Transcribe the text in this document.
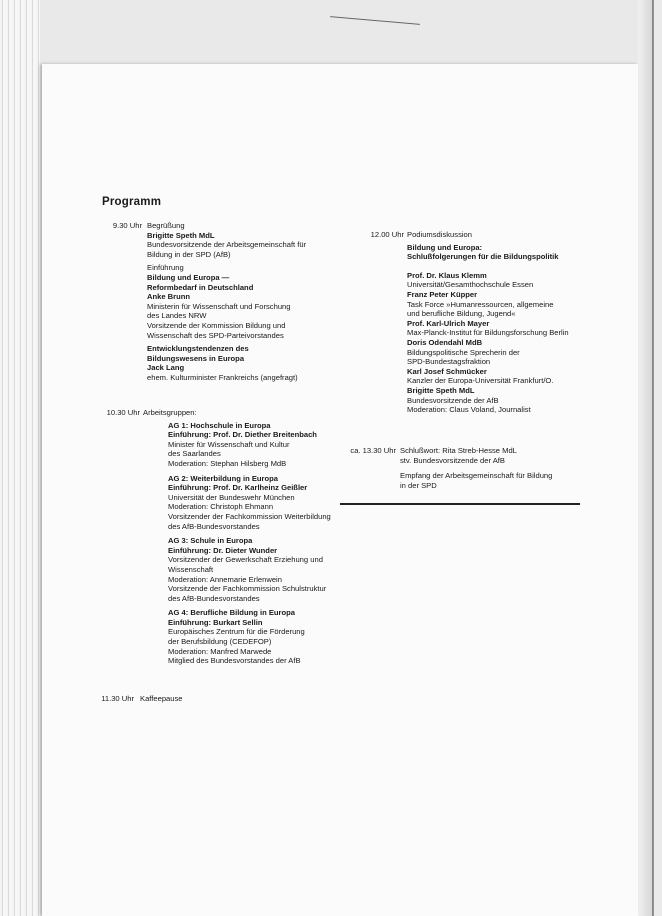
Programm
9.30 Uhr Begrüßung
Brigitte Speth MdL
Bundesvorsitzende der Arbeitsgemeinschaft für
Bildung in der SPD (AfB)
Einführung
Bildung und Europa —
Reformbedarf in Deutschland
Anke Brunn
Ministerin für Wissenschaft und Forschung
des Landes NRW
Vorsitzende der Kommission Bildung und
Wissenschaft des SPD-Parteivorstandes
Entwicklungstendenzen des
Bildungswesens in Europa
Jack Lang
ehem. Kulturminister Frankreichs (angefragt)
10.30 Uhr Arbeitsgruppen:
AG 1: Hochschule in Europa
Einführung: Prof. Dr. Diether Breitenbach
Minister für Wissenschaft und Kultur
des Saarlandes
Moderation: Stephan Hilsberg MdB
AG 2: Weiterbildung in Europa
Einführung: Prof. Dr. Karlheinz Geißler
Universität der Bundeswehr München
Moderation: Christoph Ehmann
Vorsitzender der Fachkommission Weiterbildung
des AfB-Bundesvorstandes
AG 3: Schule in Europa
Einführung: Dr. Dieter Wunder
Vorsitzender der Gewerkschaft Erziehung und
Wissenschaft
Moderation: Annemarie Erlenwein
Vorsitzende der Fachkommission Schulstruktur
des AfB-Bundesvorstandes
AG 4: Berufliche Bildung in Europa
Einführung: Burkart Sellin
Europäisches Zentrum für die Förderung
der Berufsbildung (CEDEFOP)
Moderation: Manfred Marwede
Mitglied des Bundesvorstandes der AfB
11.30 Uhr Kaffeepause
12.00 Uhr Podiumsdiskussion
Bildung und Europa:
Schlußfolgerungen für die Bildungspolitik
Prof. Dr. Klaus Klemm
Universität/Gesamthochschule Essen
Franz Peter Küpper
Task Force »Humanressourcen, allgemeine
und berufliche Bildung, Jugend«
Prof. Karl-Ulrich Mayer
Max-Planck-Institut für Bildungsforschung Berlin
Doris Odendahl MdB
Bildungspolitische Sprecherin der
SPD-Bundestagsfraktion
Karl Josef Schmücker
Kanzler der Europa-Universität Frankfurt/O.
Brigitte Speth MdL
Bundesvorsitzende der AfB
Moderation: Claus Voland, Journalist
ca. 13.30 Uhr Schlußwort: Rita Streb-Hesse MdL
stv. Bundesvorsitzende der AfB
Empfang der Arbeitsgemeinschaft für Bildung
in der SPD
